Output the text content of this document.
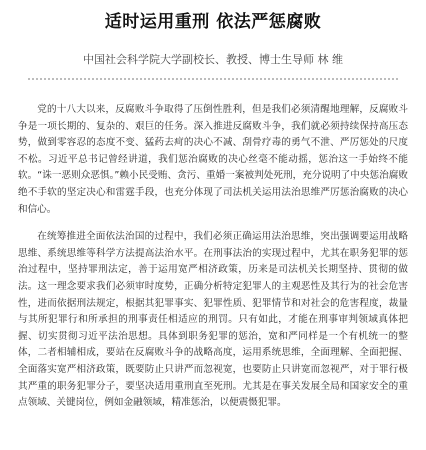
适时运用重刑 依法严惩腐败
中国社会科学院大学副校长、教授、博士生导师 林 维

党的十八大以来，反腐败斗争取得了压倒性胜利，但是我们必须清醒地理解，反腐败斗争是一项长期的、复杂的、艰巨的任务。深入推进反腐败斗争，我们就必须持续保持高压态势，做到零容忍的态度不变、猛药去疴的决心不减、刮骨疗毒的勇气不泄、严厉惩处的尺度不松。习近平总书记曾经讲道，我们惩治腐败的决心丝毫不能动摇，惩治这一手始终不能软。“诛一恶则众恶惧。”赖小民受贿、贪污、重婚一案被判处死刑，充分说明了中央惩治腐败绝不手软的坚定决心和雷霆手段，也充分体现了司法机关运用法治思维严厉惩治腐败的决心和信心。

在统筹推进全面依法治国的过程中，我们必须正确运用法治思维，突出强调要运用战略思维、系统思维等科学方法提高法治水平。在刑事法治的实现过程中，尤其在职务犯罪的惩治过程中，坚持罪刑法定，善于运用宽严相济政策，历来是司法机关长期坚持、贯彻的做法。这一理念要求我们必须审时度势，正确分析特定犯罪人的主观恶性及其行为的社会危害性，进而依据刑法规定，根据其犯罪事实、犯罪性质、犯罪情节和对社会的危害程度，裁量与其所犯罪行和所承担的刑事责任相适应的刑罚。只有如此，才能在刑事审判领域真体把握、切实贯彻习近平法治思想。具体到职务犯罪的惩治，宽和严同样是一个有机统一的整体，二者相辅相成，要站在反腐败斗争的战略高度，运用系统思维，全面理解、全面把握、全面落实宽严相济政策，既要防止只讲严而忽视宽，也要防止只讲宽而忽视严，对于罪行极其严重的职务犯罪分子，要坚决适用重刑直至死刑。尤其是在事关发展全局和国家安全的重点领域、关键岗位，例如金融领域，精准惩治，以便震慑犯罪。
